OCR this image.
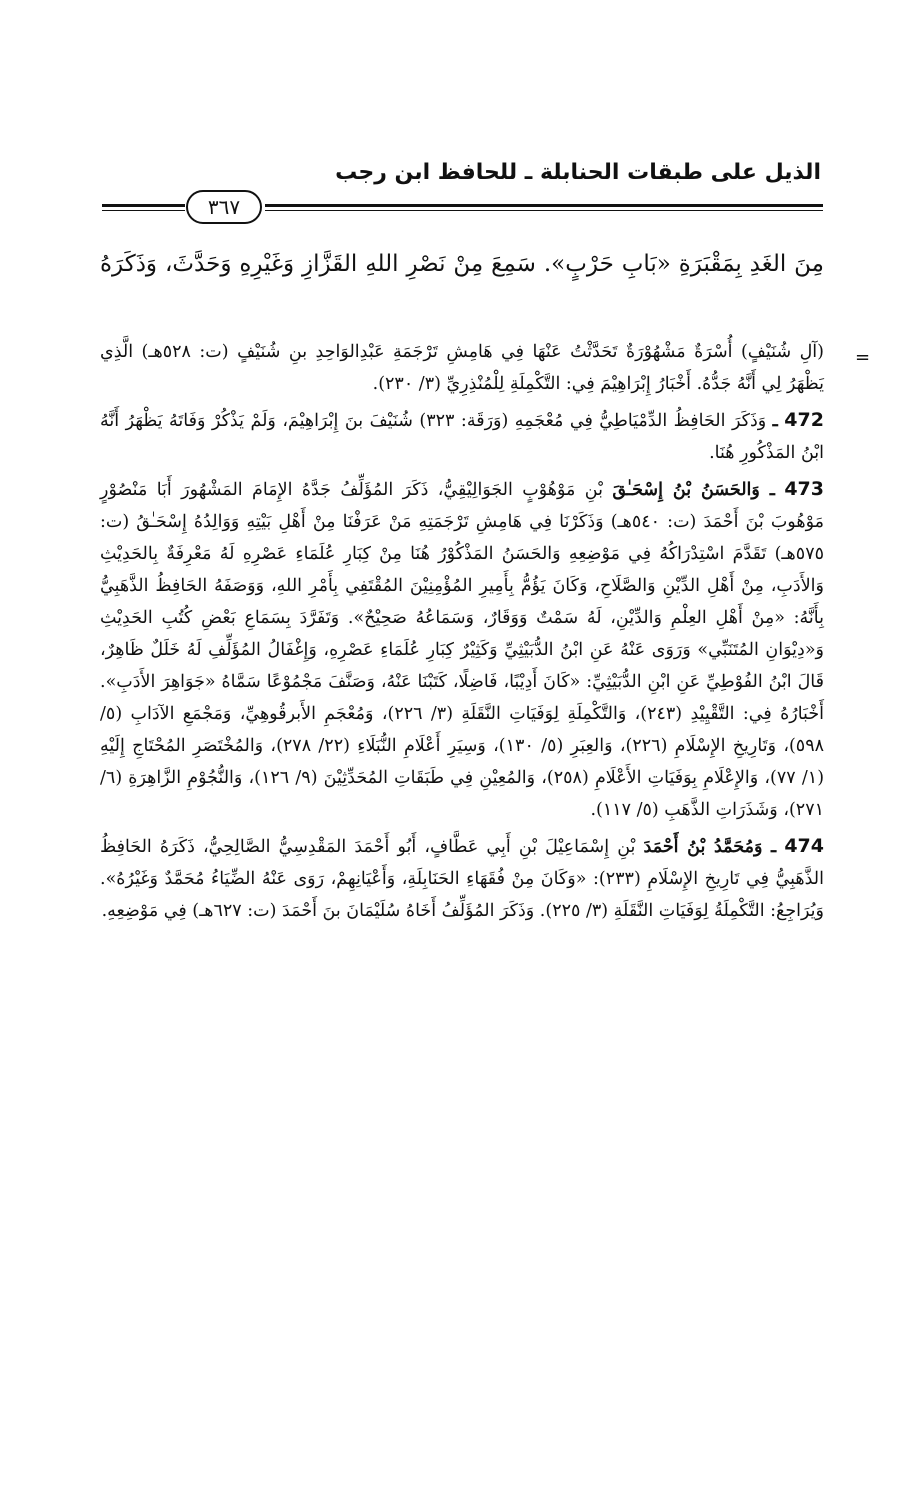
الذيل على طبقات الحنابلة ـ للحافظ ابن رجب
٣٦٧
مِنَ الغَدِ بِمَقْبَرَةِ «بَابِ حَرْبٍ». سَمِعَ مِنْ نَصْرِ اللهِ القَزَّازِ وَغَيْرِهِ وَحَدَّثَ، وَذَكَرَهُ
=

(آلِ شُنَيْفٍ) أُسْرَةٌ مَشْهُوْرَةٌ تَحَدَّثْتُ عَنْهَا فِي هَامِشِ تَرْجَمَةِ عَبْدِالوَاحِدِ بنِ شُنَيْفٍ (ت: ٥٢٨هـ) الَّذِي يَظْهَرُ لِي أَنَّهُ جَدُّهُ. أَخْبَارُ إِبْرَاهِيْمَ فِي: التَّكْمِلَةِ لِلْمُنْذِرِيِّ (٣/ ٢٣٠).

472 ـ وَذَكَرَ الحَافِظُ الدِّمْيَاطِيُّ فِي مُعْجَمِهِ (وَرَقَة: ٣٢٣) شُنَيْفَ بنَ إِبْرَاهِيْمَ، وَلَمْ يَذْكُرْ وَفَاتَهُ يَظْهَرُ أَنَّهُ ابْنُ المَذْكُورِ هُنَا.

473 ـ وَالحَسَنُ بْنُ إِسْحَـٰقَ بْنِ مَوْهُوْبٍ الجَوَالِيْقِيُّ، ذَكَرَ المُؤَلِّفُ جَدَّهُ الإِمَامَ المَشْهُورَ أَبَا مَنْصُوْرٍ مَوْهُوبَ بْنَ أَحْمَدَ (ت: ٥٤٠هـ) وَذَكَرْنَا فِي هَامِشِ تَرْجَمَتِهِ مَنْ عَرَفْنَا مِنْ أَهْلِ بَيْتِهِ وَوَالِدُهُ إِسْحَـٰقُ (ت: ٥٧٥هـ) تَقَدَّمَ اسْتِدْرَاكُهُ فِي مَوْضِعِهِ وَالحَسَنُ المَذْكُوْرُ هُنَا مِنْ كِبَارِ عُلَمَاءِ عَصْرِهِ لَهُ مَعْرِفَةٌ بِالحَدِيْثِ وَالأَدَبِ، مِنْ أَهْلِ الدِّيْنِ وَالصَّلَاحِ، وَكَانَ يَؤُمُّ بِأَمِيرِ المُؤْمِنِيْنَ المُقْتَفِي بِأَمْرِ اللهِ، وَوَصَفَهُ الحَافِظُ الذَّهَبِيُّ بِأَنَّهُ: «مِنْ أَهْلِ العِلْمِ وَالدِّيْنِ، لَهُ سَمْتٌ وَوَقَارٌ، وَسَمَاعُهُ صَحِيْحٌ». وَتَفَرَّدَ بِسَمَاعِ بَعْضِ كُتُبِ الحَدِيْثِ وَ«دِيْوَانِ المُتَنَبِّي» وَرَوَى عَنْهُ عَنِ ابْنُ الدُّبَيْثِيِّ وَكَثِيْرٌ كِبَارِ عُلَمَاءِ عَصْرِهِ، وَإِغْفَالُ المُؤَلِّفِ لَهُ خَلَلٌ ظَاهِرٌ، قَالَ ابْنُ الفُوْطِيِّ عَنِ ابْنِ الدُّبَيْثِيِّ: «كَانَ أَدِيْبًا، فَاضِلًا، كَتَبْنَا عَنْهُ، وَصَنَّفَ مَجْمُوْعًا سَمَّاهُ «جَوَاهِرَ الأَدَبِ». أَخْبَارُهُ فِي: التَّقْيِيْدِ (٢٤٣)، وَالتَّكْمِلَةِ لِوَفَيَاتِ النَّقَلَةِ (٣/ ٢٢٦)، وَمُعْجَمِ الأَبرقُوهِيِّ، وَمَجْمَعِ الآدَابِ (٥/ ٥٩٨)، وَتَارِيخِ الإِسْلَامِ (٢٢٦)، وَالعِبَرِ (٥/ ١٣٠)، وَسِيَرِ أَعْلَامِ النُّبَلَاءِ (٢٢/ ٢٧٨)، وَالمُخْتَصَرِ المُحْتَاجِ إِلَيْهِ (١/ ٧٧)، وَالإِعْلَامِ بِوَفَيَاتِ الأَعْلَامِ (٢٥٨)، وَالمُعِيْنِ فِي طَبَقَاتِ المُحَدِّثِيْنَ (٩/ ١٢٦)، وَالنُّجُوْمِ الزَّاهِرَةِ (٦/ ٢٧١)، وَشَذَرَاتِ الذَّهَبِ (٥/ ١١٧).

474 ـ وَمُحَمَّدُ بْنُ أَحْمَدَ بْنِ إِسْمَاعِيْلَ بْنِ أَبِي عَطَّافٍ، أَبُو أَحْمَدَ المَقْدِسِيُّ الصَّالِحِيُّ، ذَكَرَهُ الحَافِظُ الذَّهَبِيُّ فِي تَارِيخِ الإِسْلَامِ (٢٣٣): «وَكَانَ مِنْ فُقَهَاءِ الحَنَابِلَةِ، وَأَعْيَانِهِمْ، رَوَى عَنْهُ الضِّيَاءُ مُحَمَّدٌ وَغَيْرُهُ». وَيُرَاجِعُ: التَّكْمِلَةُ لِوَفَيَاتِ النَّقَلَةِ (٣/ ٢٢٥). وَذَكَرَ المُؤَلِّفُ أَخَاهُ سُلَيْمَانَ بنَ أَحْمَدَ (ت: ٦٢٧هـ) فِي مَوْضِعِهِ.
